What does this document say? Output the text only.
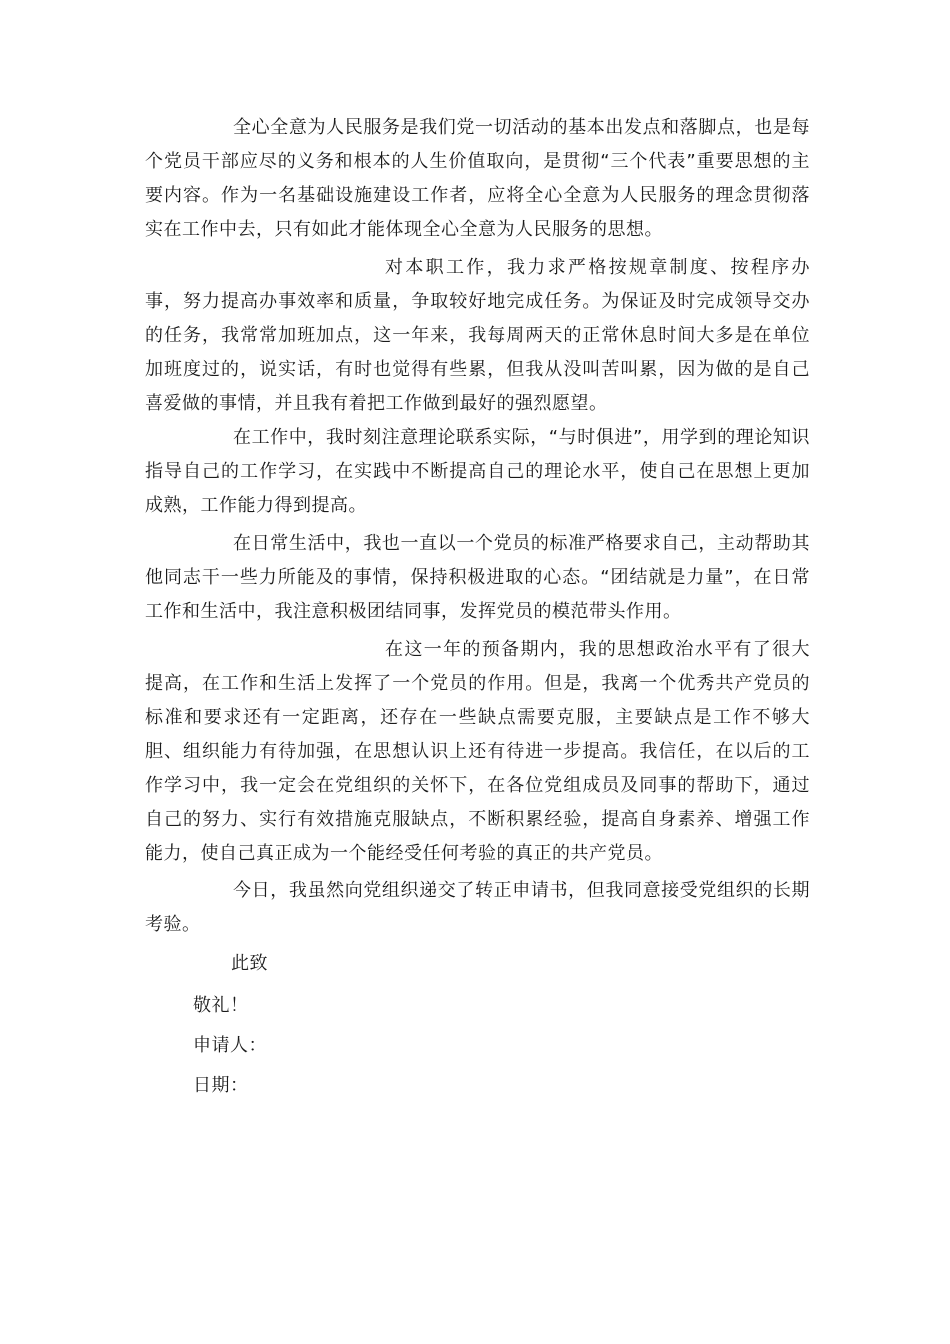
全心全意为人民服务是我们党一切活动的基本出发点和落脚点，也是每个党员干部应尽的义务和根本的人生价值取向，是贯彻“三个代表”重要思想的主要内容。作为一名基础设施建设工作者，应将全心全意为人民服务的理念贯彻落实在工作中去，只有如此才能体现全心全意为人民服务的思想。

对本职工作，我力求严格按规章制度、按程序办事，努力提高办事效率和质量，争取较好地完成任务。为保证及时完成领导交办的任务，我常常加班加点，这一年来，我每周两天的正常休息时间大多是在单位加班度过的，说实话，有时也觉得有些累，但我从没叫苦叫累，因为做的是自己喜爱做的事情，并且我有着把工作做到最好的强烈愿望。

在工作中，我时刻注意理论联系实际，“与时俱进”，用学到的理论知识指导自己的工作学习，在实践中不断提高自己的理论水平，使自己在思想上更加成熟，工作能力得到提高。

在日常生活中，我也一直以一个党员的标准严格要求自己，主动帮助其他同志干一些力所能及的事情，保持积极进取的心态。“团结就是力量”，在日常工作和生活中，我注意积极团结同事，发挥党员的模范带头作用。

在这一年的预备期内，我的思想政治水平有了很大提高，在工作和生活上发挥了一个党员的作用。但是，我离一个优秀共产党员的标准和要求还有一定距离，还存在一些缺点需要克服，主要缺点是工作不够大胆、组织能力有待加强，在思想认识上还有待进一步提高。我信任，在以后的工作学习中，我一定会在党组织的关怀下，在各位党组成员及同事的帮助下，通过自己的努力、实行有效措施克服缺点，不断积累经验，提高自身素养、增强工作能力，使自己真正成为一个能经受任何考验的真正的共产党员。

今日，我虽然向党组织递交了转正申请书，但我同意接受党组织的长期考验。

此致

敬礼！

申请人：

日期：
